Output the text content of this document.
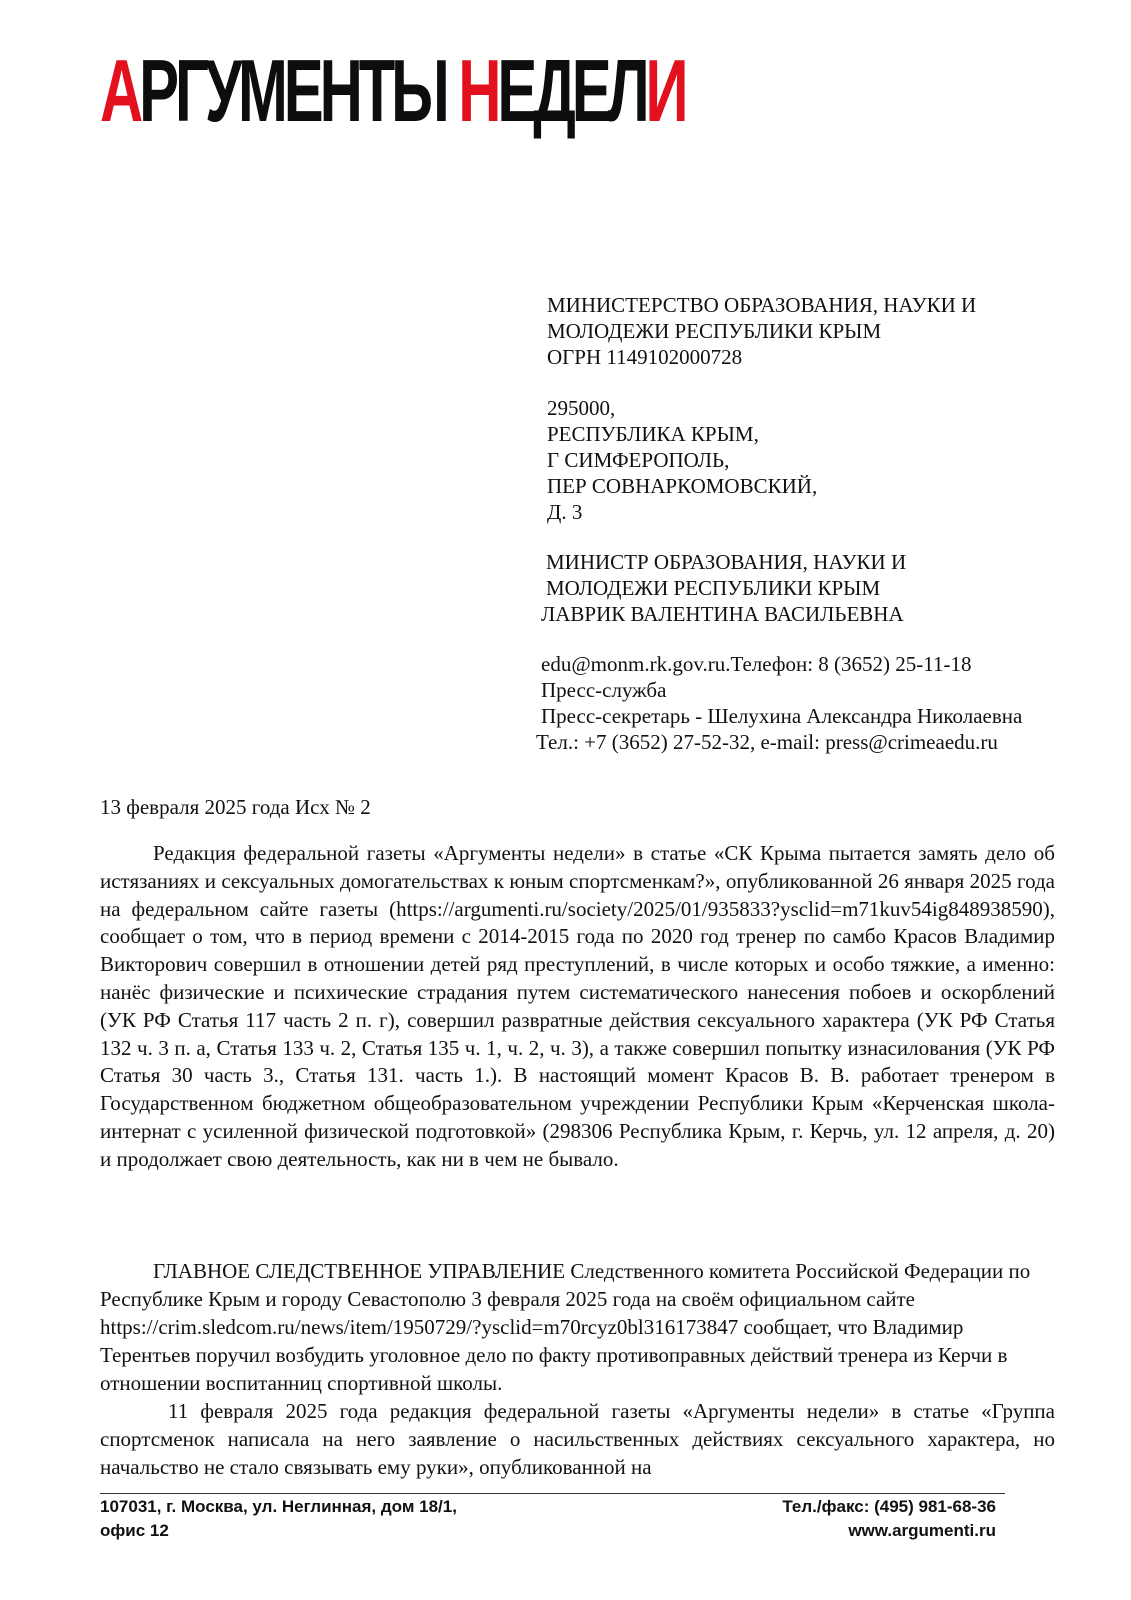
АРГУМЕНТЫ НЕДЕЛИ
МИНИСТЕРСТВО ОБРАЗОВАНИЯ, НАУКИ И
МОЛОДЕЖИ РЕСПУБЛИКИ КРЫМ
ОГРН 1149102000728
295000,
РЕСПУБЛИКА КРЫМ,
Г СИМФЕРОПОЛЬ,
ПЕР СОВНАРКОМОВСКИЙ,
Д. 3
МИНИСТР ОБРАЗОВАНИЯ, НАУКИ И
МОЛОДЕЖИ РЕСПУБЛИКИ КРЫМ
ЛАВРИК ВАЛЕНТИНА ВАСИЛЬЕВНА
edu@monm.rk.gov.ru.Телефон: 8 (3652) 25-11-18
Пресс-служба
Пресс-секретарь - Шелухина Александра Николаевна
Тел.: +7 (3652) 27-52-32, e-mail: press@crimeaedu.ru
13 февраля 2025 года Исх № 2
Редакция федеральной газеты «Аргументы недели» в статье «СК Крыма пытается замять дело об истязаниях и сексуальных домогательствах к юным спортсменкам?», опубликованной 26 января 2025 года на федеральном сайте газеты (https://argumenti.ru/society/2025/01/935833?ysclid=m71kuv54ig848938590), сообщает о том, что в период времени с 2014-2015 года по 2020 год тренер по самбо Красов Владимир Викторович совершил в отношении детей ряд преступлений, в числе которых и особо тяжкие, а именно: нанёс физические и психические страдания путем систематического нанесения побоев и оскорблений (УК РФ Статья 117 часть 2 п. г), совершил развратные действия сексуального характера (УК РФ Статья 132 ч. 3 п. а, Статья 133 ч. 2, Статья 135 ч. 1, ч. 2, ч. 3), а также совершил попытку изнасилования (УК РФ Статья 30 часть 3., Статья 131. часть 1.). В настоящий момент Красов В. В. работает тренером в Государственном бюджетном общеобразовательном учреждении Республики Крым «Керченская школа-интернат с усиленной физической подготовкой» (298306 Республика Крым, г. Керчь, ул. 12 апреля, д. 20) и продолжает свою деятельность, как ни в чем не бывало.
ГЛАВНОЕ СЛЕДСТВЕННОЕ УПРАВЛЕНИЕ Следственного комитета Российской Федерации по Республике Крым и городу Севастополю 3 февраля 2025 года на своём официальном сайте https://crim.sledcom.ru/news/item/1950729/?ysclid=m70rcyz0bl316173847 сообщает, что Владимир Терентьев поручил возбудить уголовное дело по факту противоправных действий тренера из Керчи в отношении воспитанниц спортивной школы.
11 февраля 2025 года редакция федеральной газеты «Аргументы недели» в статье «Группа спортсменок написала на него заявление о насильственных действиях сексуального характера, но начальство не стало связывать ему руки», опубликованной на
107031, г. Москва, ул. Неглинная, дом 18/1,
офис 12
Тел./факс: (495) 981-68-36
www.argumenti.ru
